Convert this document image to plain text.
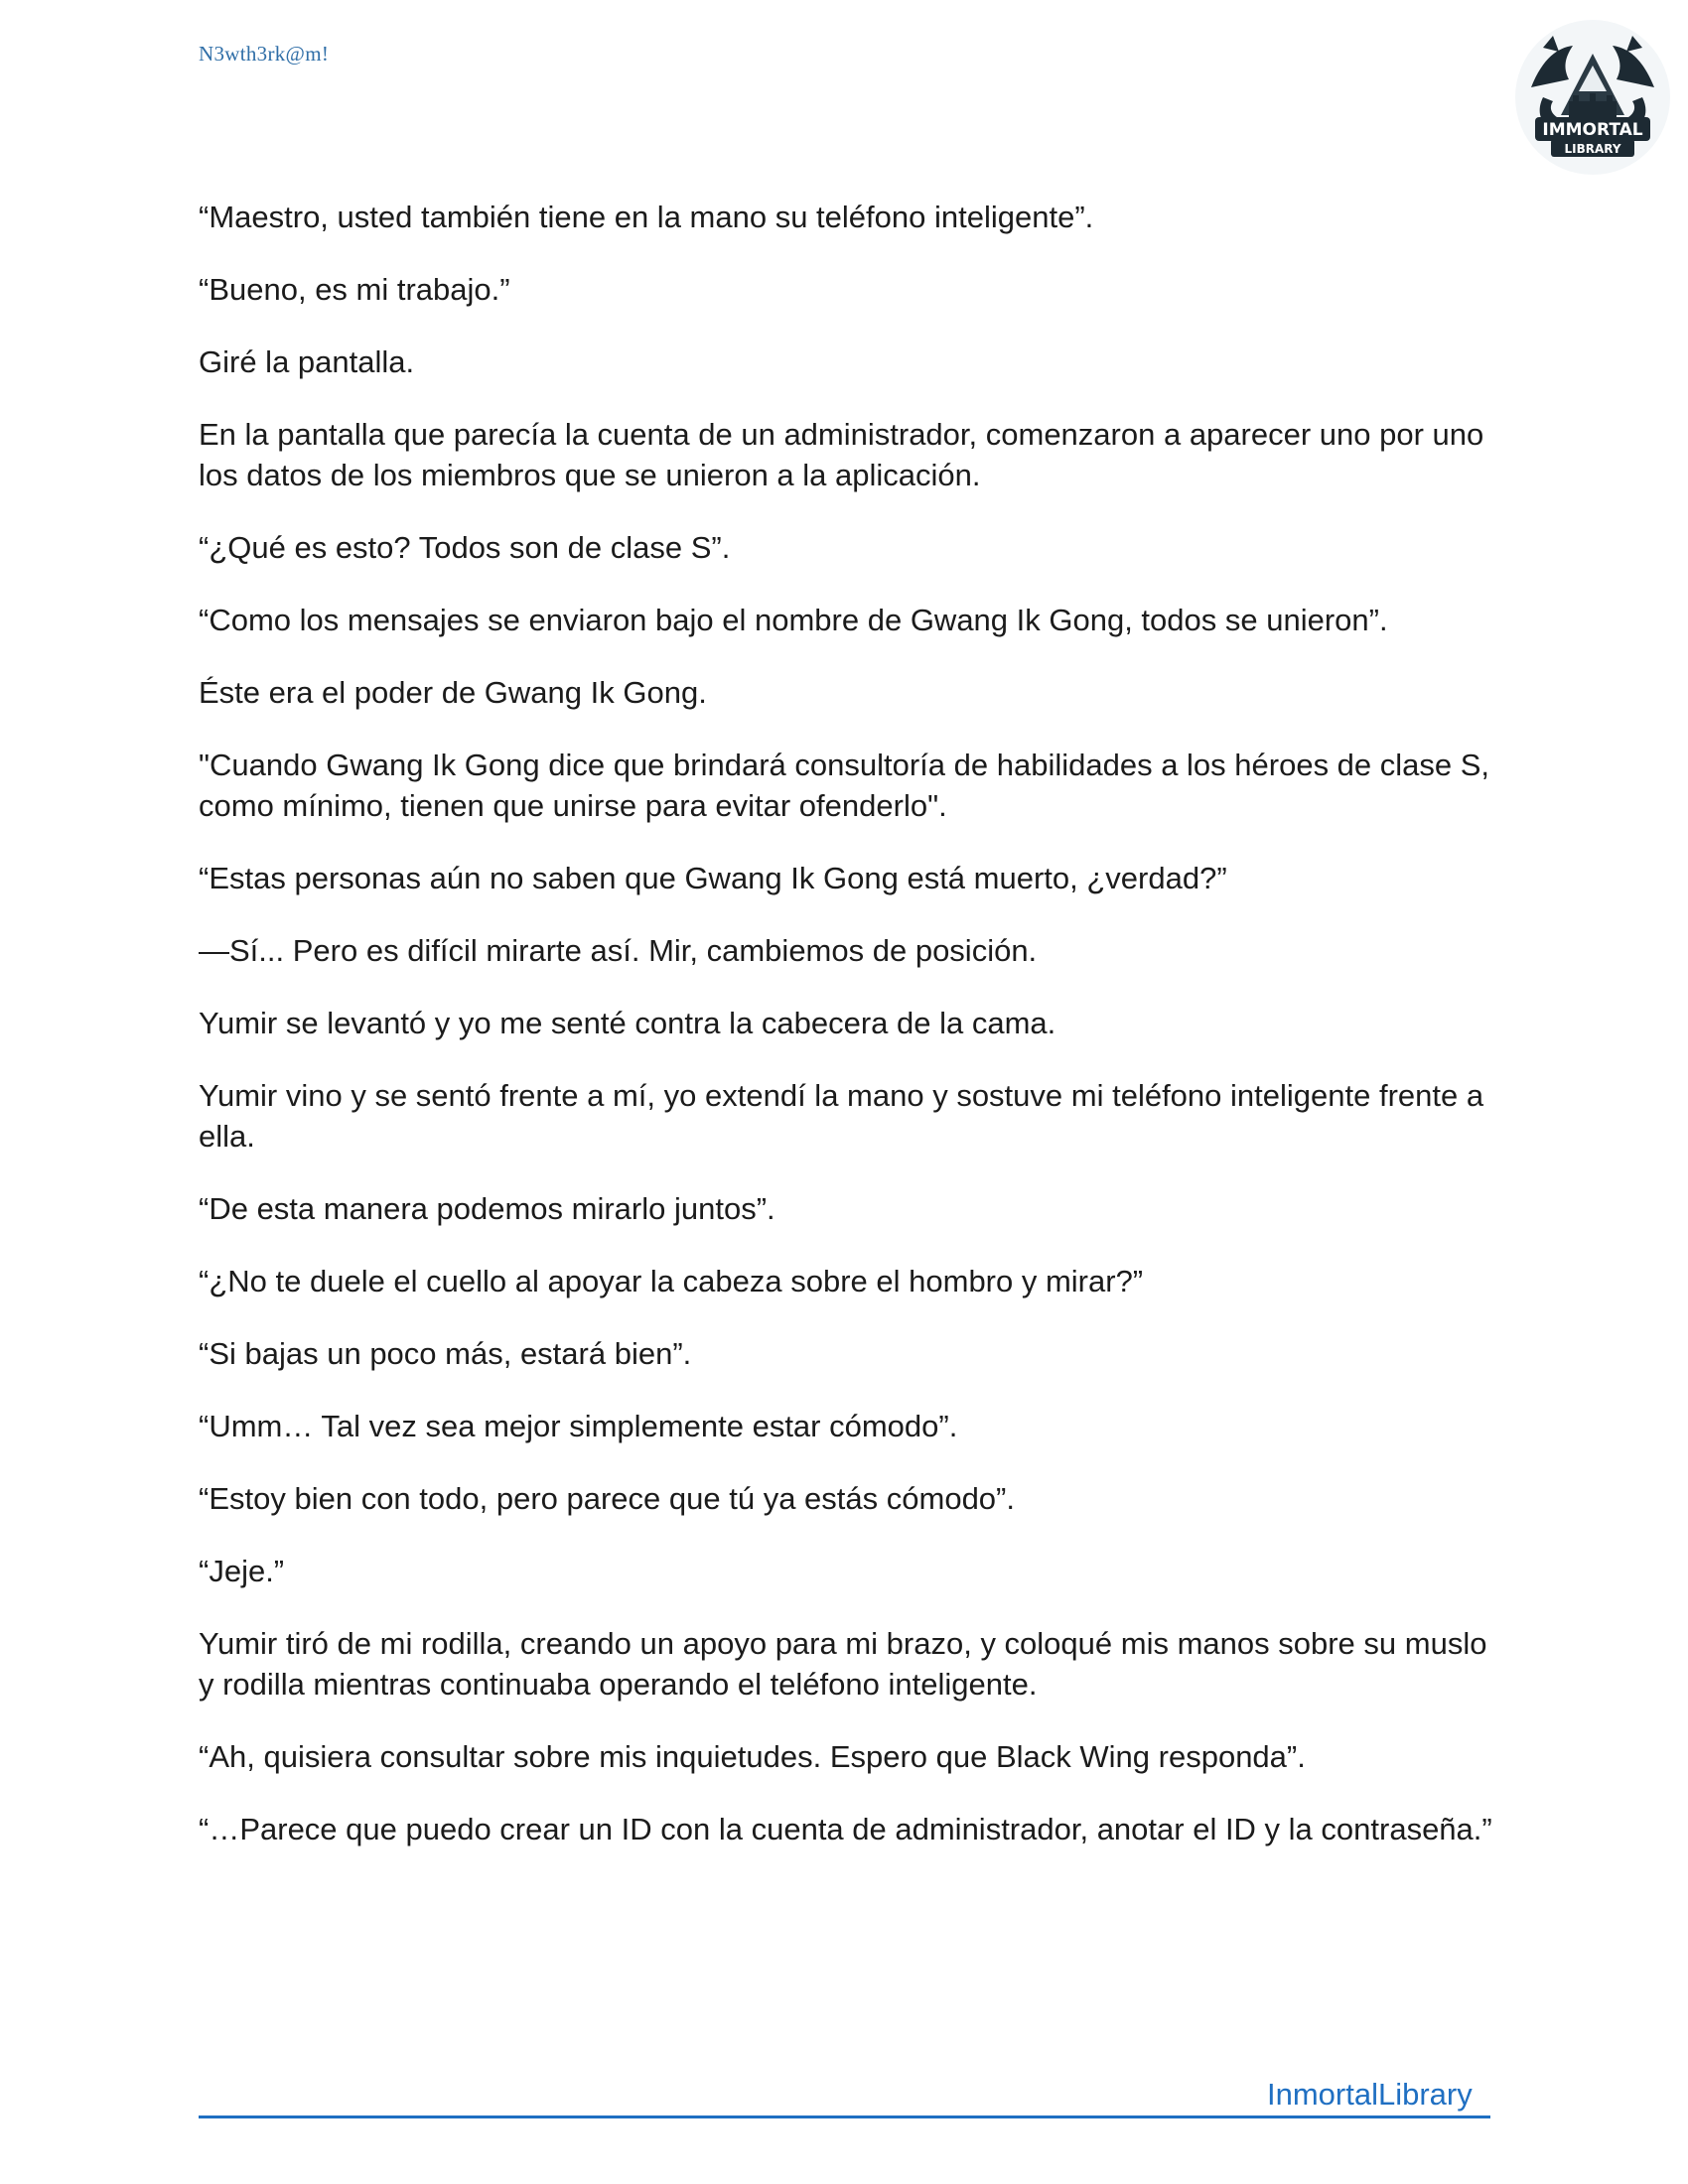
N3wth3rk@m!
IMMORTAL
LIBRARY

“Maestro, usted también tiene en la mano su teléfono inteligente”.

“Bueno, es mi trabajo.”

Giré la pantalla.

En la pantalla que parecía la cuenta de un administrador, comenzaron a aparecer uno por uno los datos de los miembros que se unieron a la aplicación.

“¿Qué es esto? Todos son de clase S”.

“Como los mensajes se enviaron bajo el nombre de Gwang Ik Gong, todos se unieron”.

Éste era el poder de Gwang Ik Gong.

"Cuando Gwang Ik Gong dice que brindará consultoría de habilidades a los héroes de clase S, como mínimo, tienen que unirse para evitar ofenderlo".

“Estas personas aún no saben que Gwang Ik Gong está muerto, ¿verdad?”

—Sí... Pero es difícil mirarte así. Mir, cambiemos de posición.

Yumir se levantó y yo me senté contra la cabecera de la cama.

Yumir vino y se sentó frente a mí, yo extendí la mano y sostuve mi teléfono inteligente frente a ella.

“De esta manera podemos mirarlo juntos”.

“¿No te duele el cuello al apoyar la cabeza sobre el hombro y mirar?”

“Si bajas un poco más, estará bien”.

“Umm… Tal vez sea mejor simplemente estar cómodo”.

“Estoy bien con todo, pero parece que tú ya estás cómodo”.

“Jeje.”

Yumir tiró de mi rodilla, creando un apoyo para mi brazo, y coloqué mis manos sobre su muslo y rodilla mientras continuaba operando el teléfono inteligente.

“Ah, quisiera consultar sobre mis inquietudes. Espero que Black Wing responda”.

“…Parece que puedo crear un ID con la cuenta de administrador, anotar el ID y la contraseña.”

InmortalLibrary
